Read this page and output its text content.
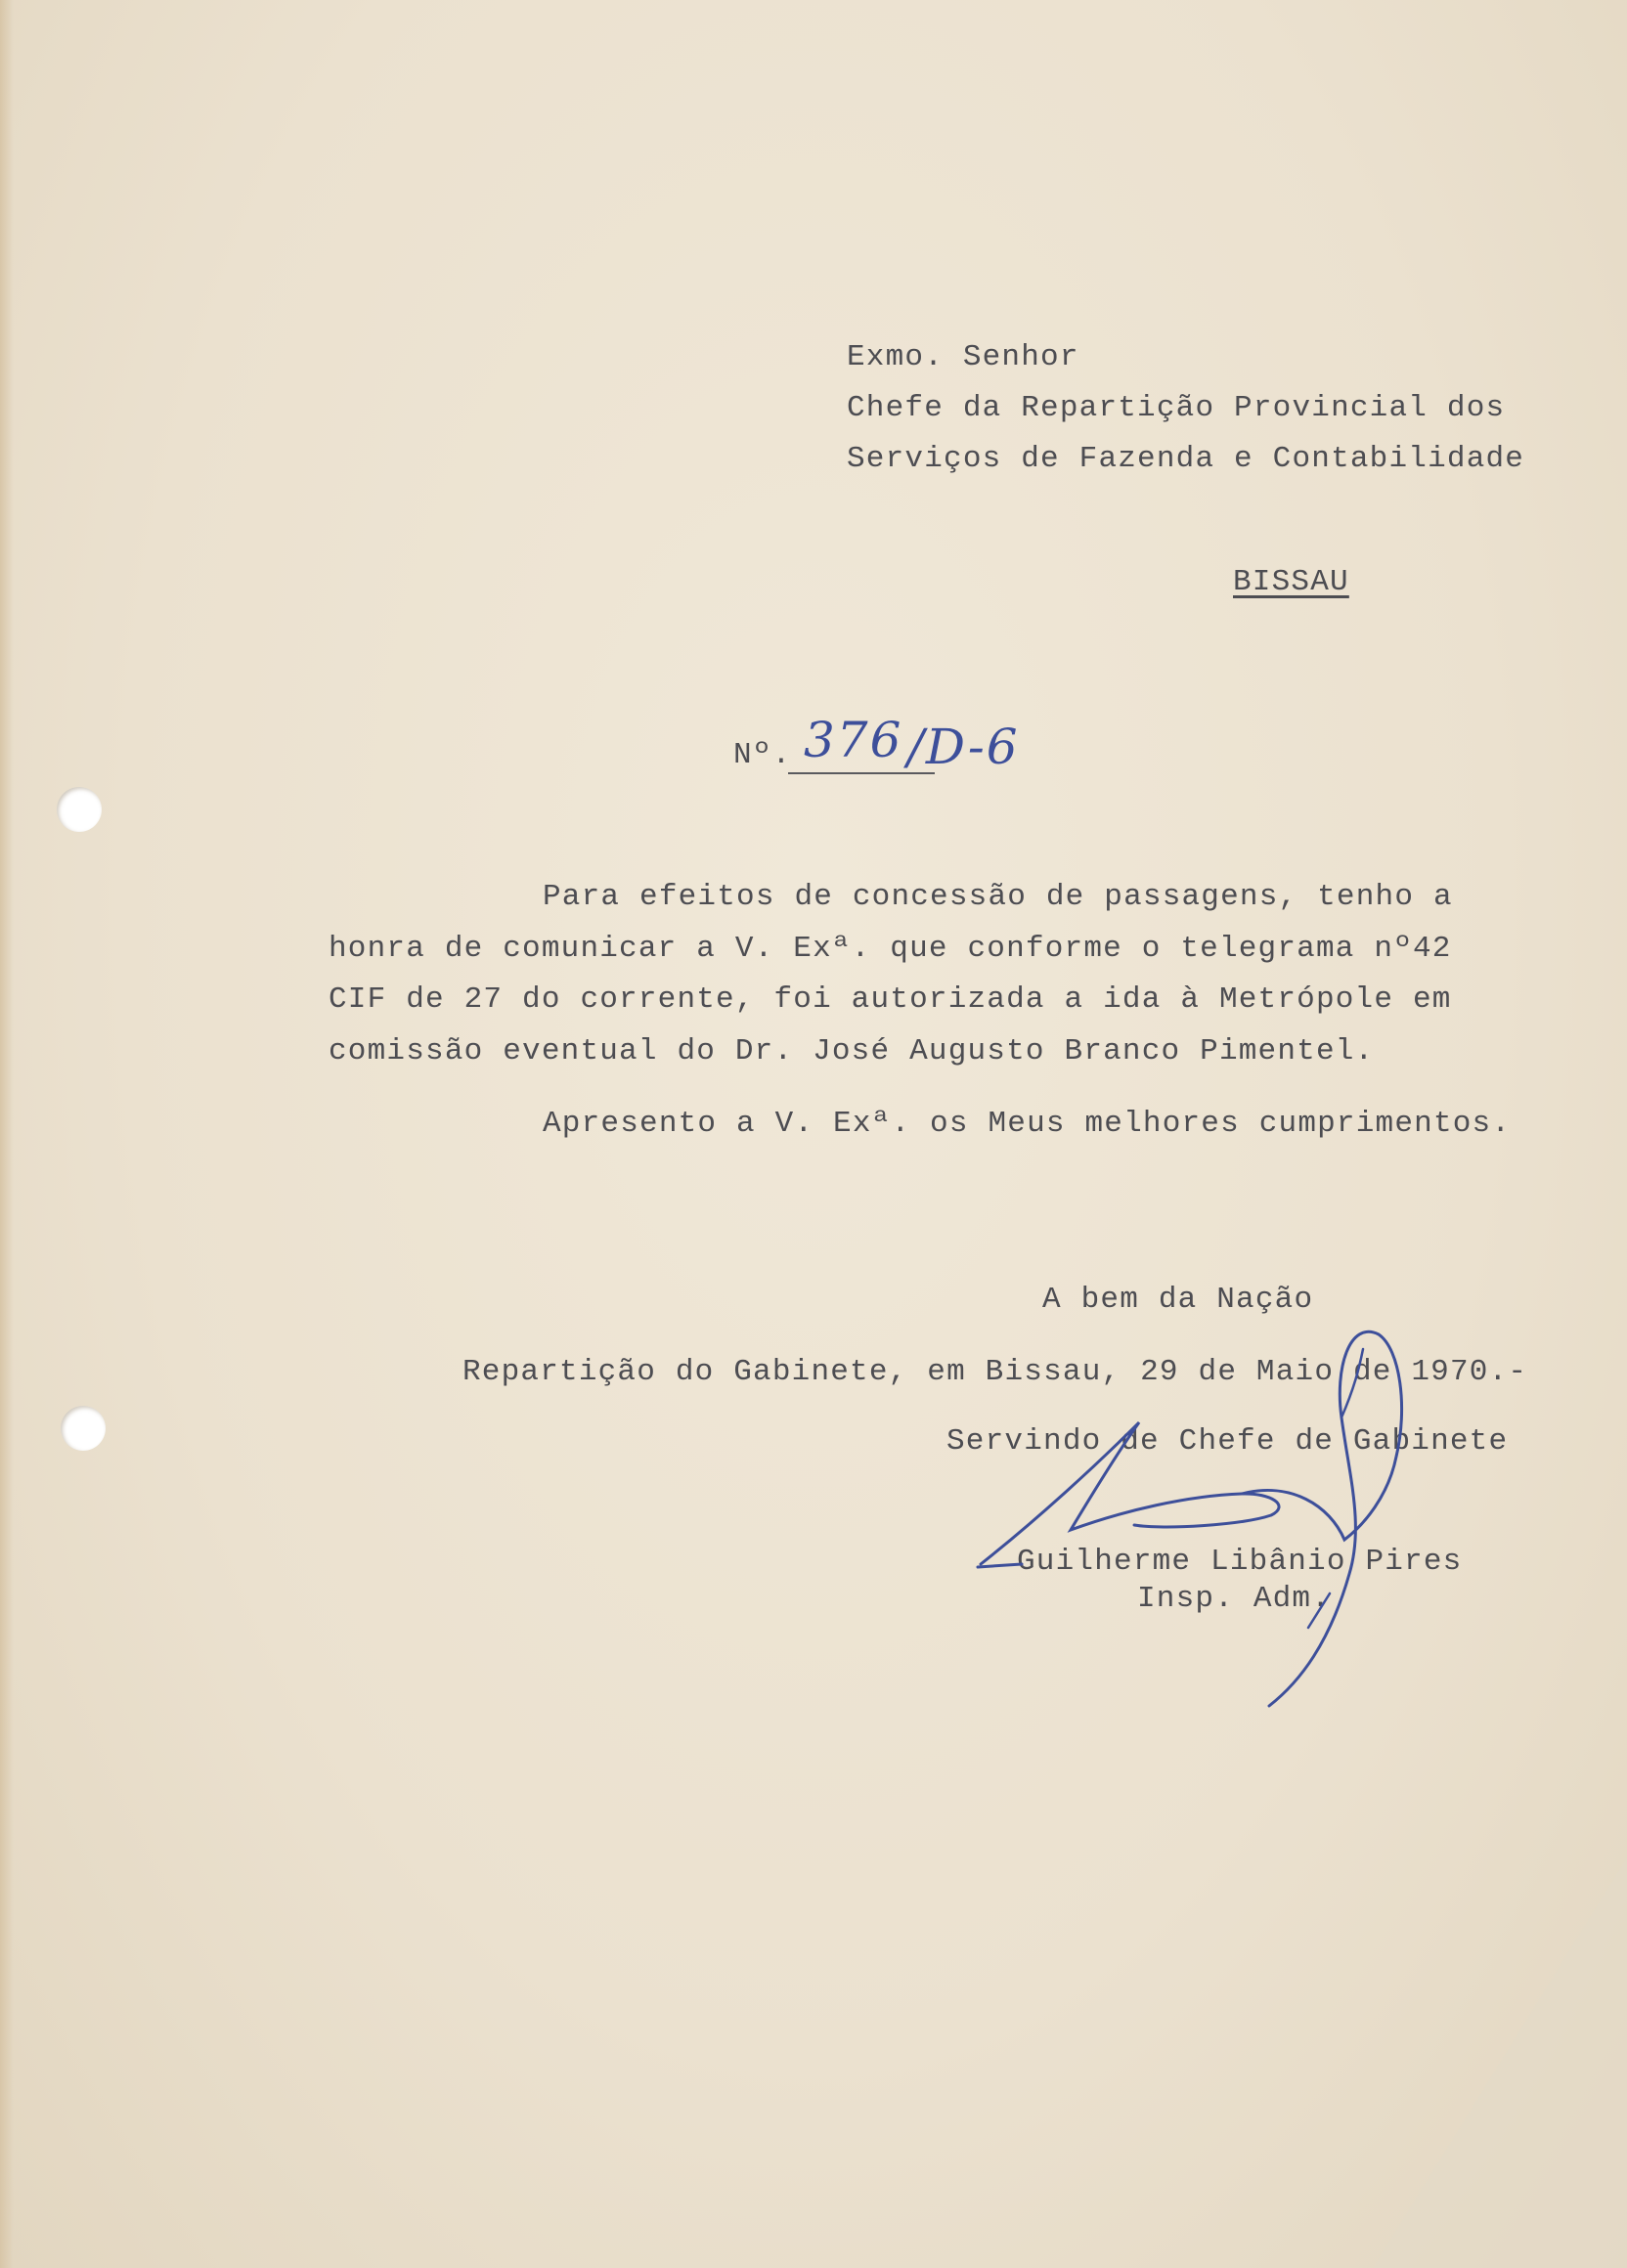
Exmo. Senhor
Chefe da Repartição Provincial dos
Serviços de Fazenda e Contabilidade
BISSAU
Nº. 376 /D-6
Para efeitos de concessão de passagens, tenho a
honra de comunicar a V. Exª. que conforme o telegrama nº42
CIF de 27 do corrente, foi autorizada a ida à Metrópole em
comissão eventual do Dr. José Augusto Branco Pimentel.
Apresento a V. Exª. os Meus melhores cumprimentos.
A bem da Nação
Repartição do Gabinete, em Bissau, 29 de Maio de 1970.-
Servindo de Chefe de Gabinete
Guilherme Libânio Pires
Insp. Adm.
